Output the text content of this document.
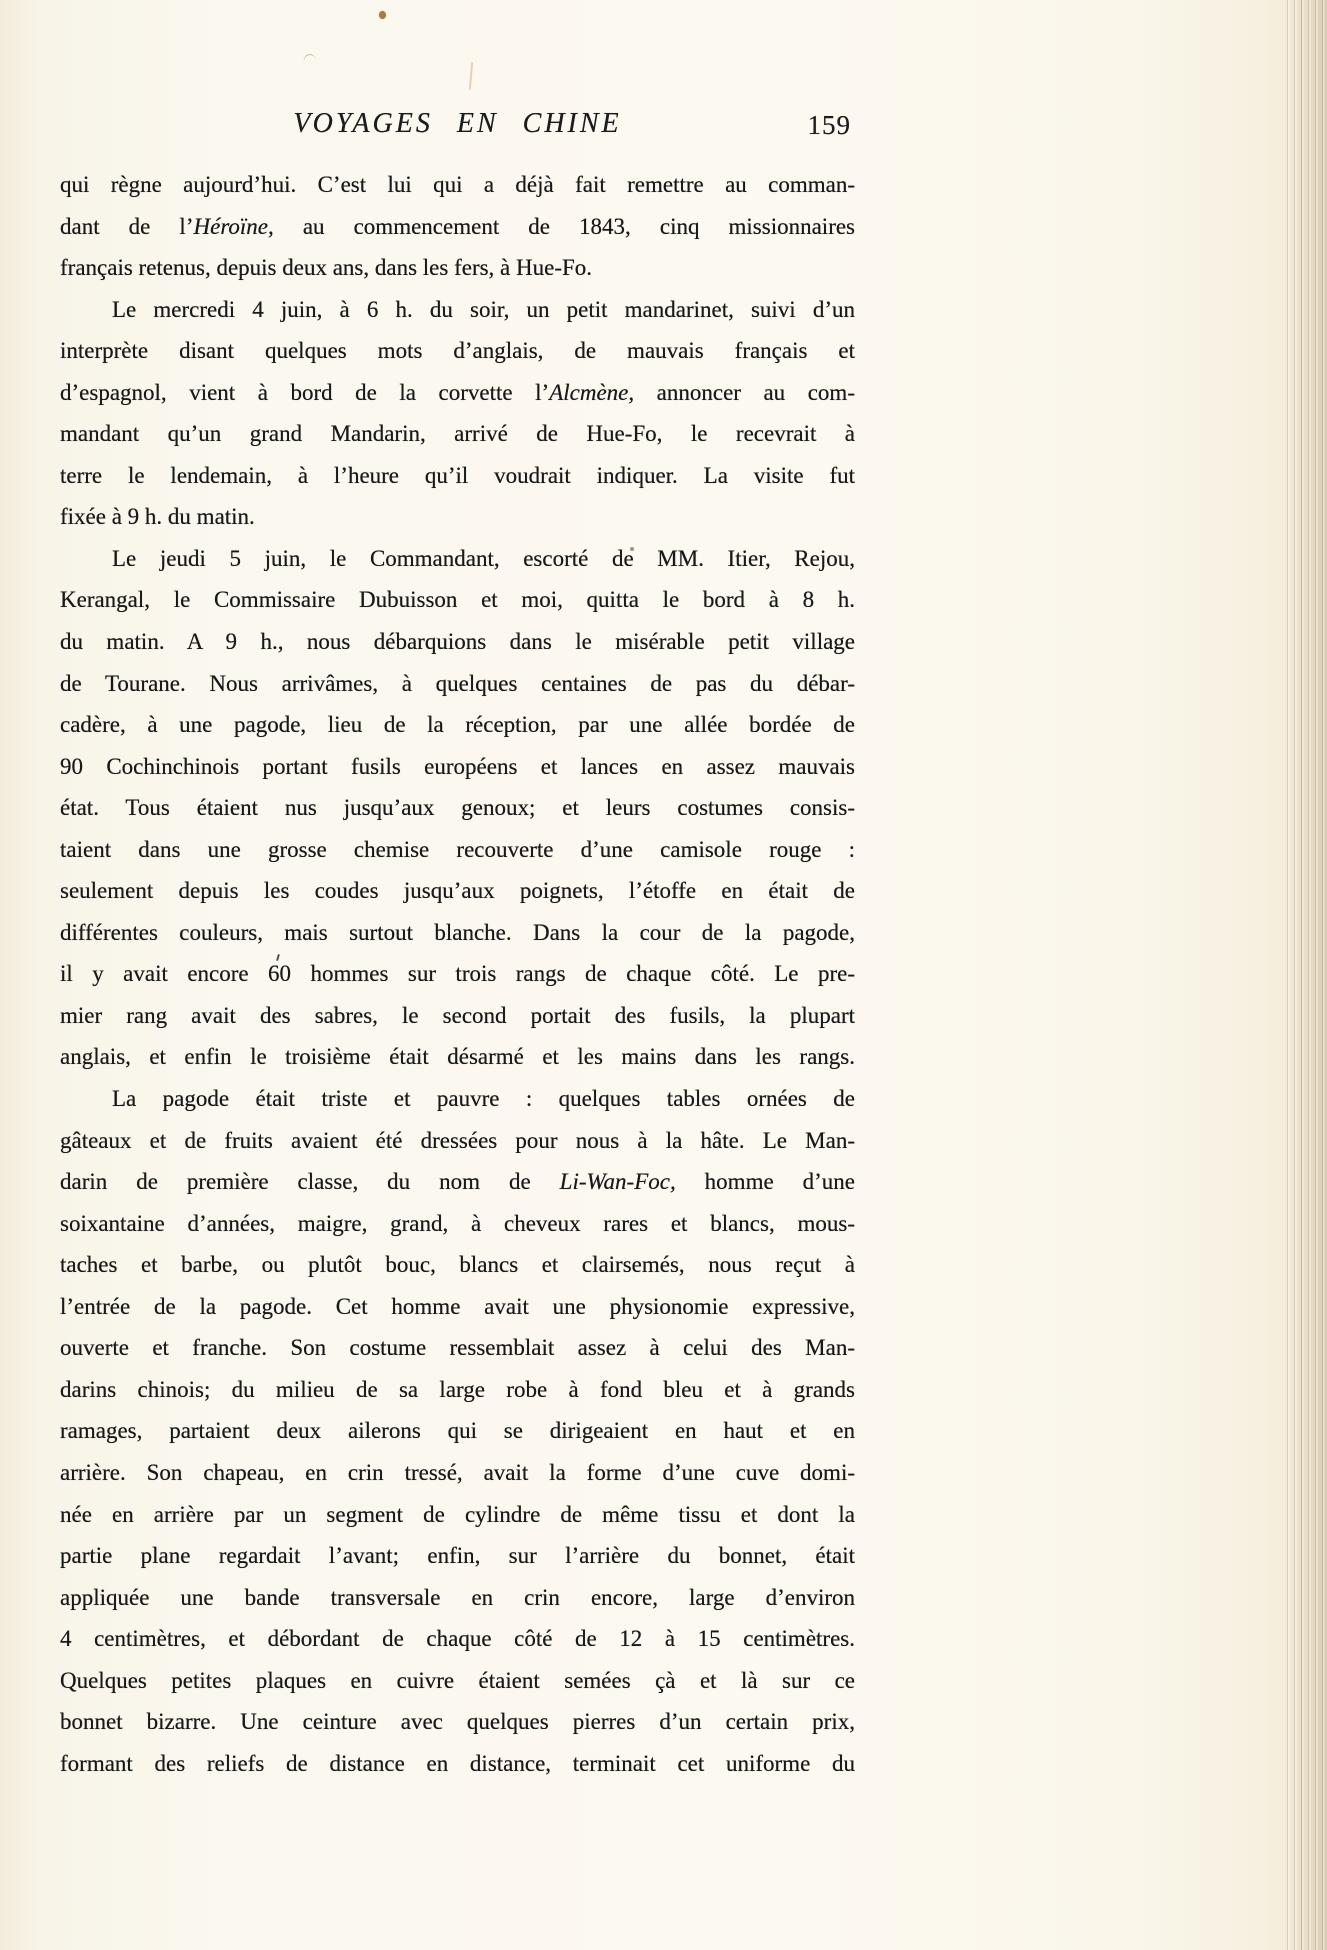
VOYAGES EN CHINE	159
qui règne aujourd’hui. C’est lui qui a déjà fait remettre au comman-
dant de l’Héroïne, au commencement de 1843, cinq missionnaires
français retenus, depuis deux ans, dans les fers, à Hue-Fo.
Le mercredi 4 juin, à 6 h. du soir, un petit mandarinet, suivi d’un
interprète disant quelques mots d’anglais, de mauvais français et
d’espagnol, vient à bord de la corvette l’Alcmène, annoncer au com-
mandant qu’un grand Mandarin, arrivé de Hue-Fo, le recevrait à
terre le lendemain, à l’heure qu’il voudrait indiquer. La visite fut
fixée à 9 h. du matin.
Le jeudi 5 juin, le Commandant, escorté de MM. Itier, Rejou,
Kerangal, le Commissaire Dubuisson et moi, quitta le bord à 8 h.
du matin. A 9 h., nous débarquions dans le misérable petit village
de Tourane. Nous arrivâmes, à quelques centaines de pas du débar-
cadère, à une pagode, lieu de la réception, par une allée bordée de
90 Cochinchinois portant fusils européens et lances en assez mauvais
état. Tous étaient nus jusqu’aux genoux; et leurs costumes consis-
taient dans une grosse chemise recouverte d’une camisole rouge :
seulement depuis les coudes jusqu’aux poignets, l’étoffe en était de
différentes couleurs, mais surtout blanche. Dans la cour de la pagode,
il y avait encore 60 hommes sur trois rangs de chaque côté. Le pre-
mier rang avait des sabres, le second portait des fusils, la plupart
anglais, et enfin le troisième était désarmé et les mains dans les rangs.
La pagode était triste et pauvre : quelques tables ornées de
gâteaux et de fruits avaient été dressées pour nous à la hâte. Le Man-
darin de première classe, du nom de Li-Wan-Foc, homme d’une
soixantaine d’années, maigre, grand, à cheveux rares et blancs, mous-
taches et barbe, ou plutôt bouc, blancs et clairsemés, nous reçut à
l’entrée de la pagode. Cet homme avait une physionomie expressive,
ouverte et franche. Son costume ressemblait assez à celui des Man-
darins chinois; du milieu de sa large robe à fond bleu et à grands
ramages, partaient deux ailerons qui se dirigeaient en haut et en
arrière. Son chapeau, en crin tressé, avait la forme d’une cuve domi-
née en arrière par un segment de cylindre de même tissu et dont la
partie plane regardait l’avant; enfin, sur l’arrière du bonnet, était
appliquée une bande transversale en crin encore, large d’environ
4 centimètres, et débordant de chaque côté de 12 à 15 centimètres.
Quelques petites plaques en cuivre étaient semées çà et là sur ce
bonnet bizarre. Une ceinture avec quelques pierres d’un certain prix,
formant des reliefs de distance en distance, terminait cet uniforme du
